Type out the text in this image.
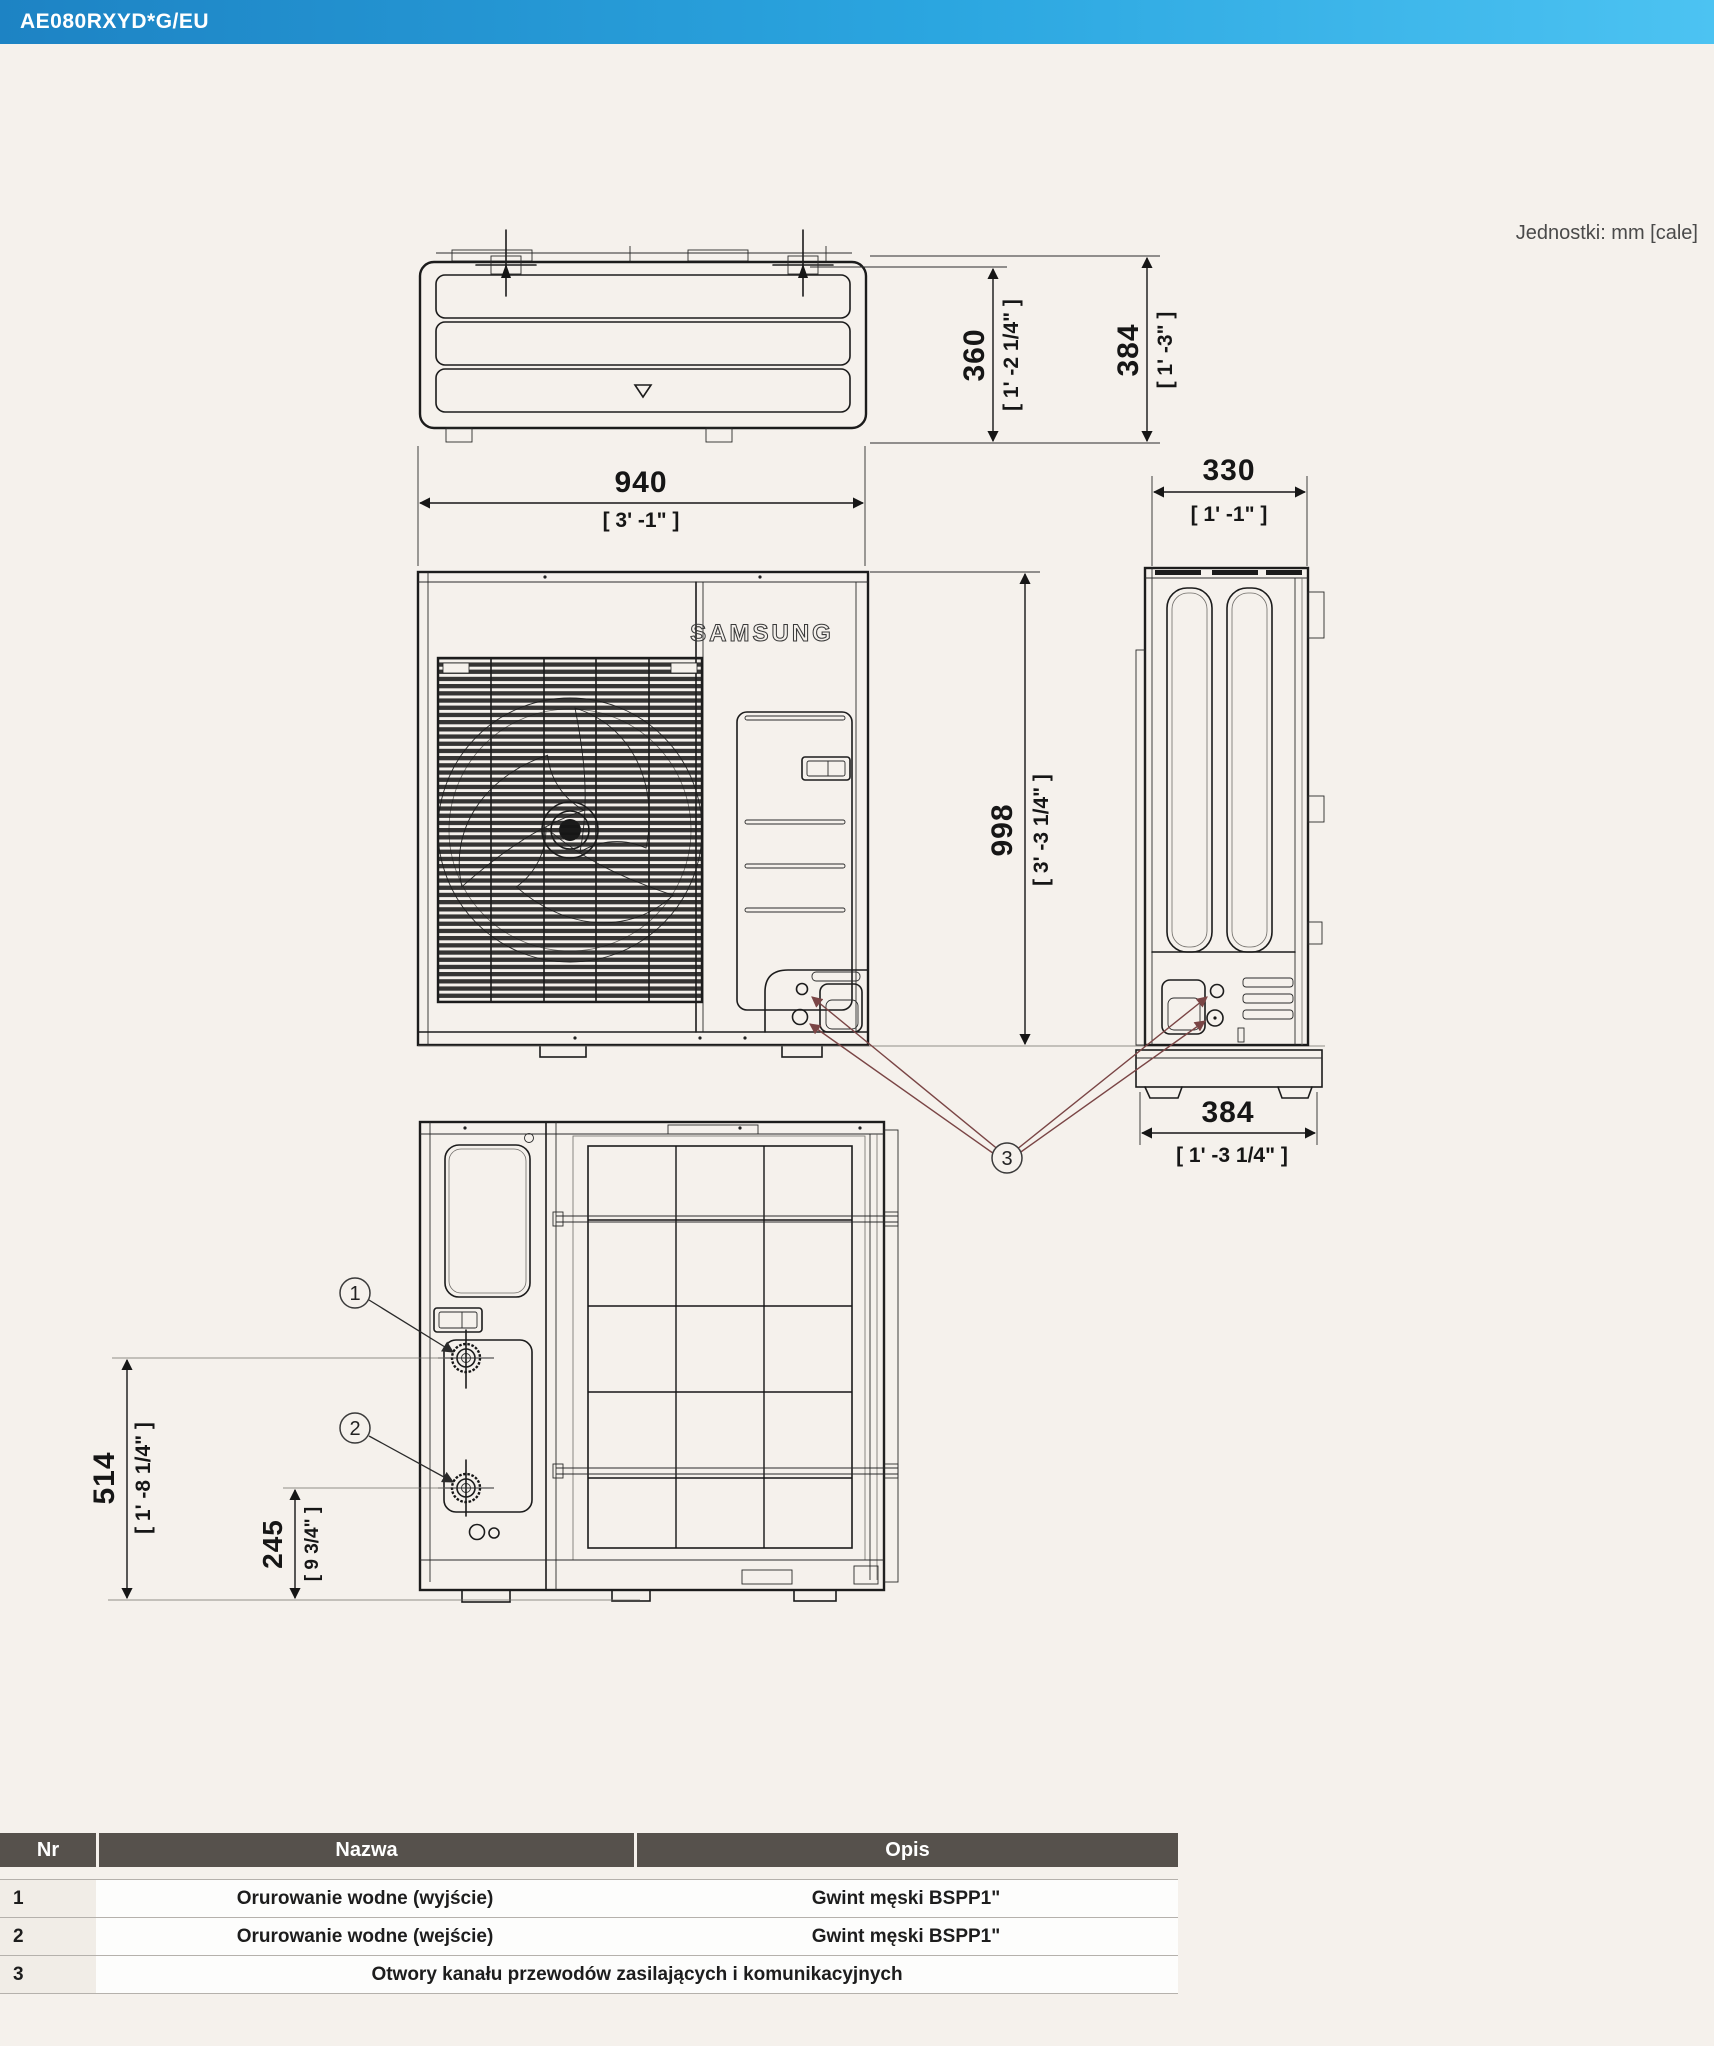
AE080RXYD*G/EU
Jednostki: mm [cale]
SAMSUNG
1
2
3
360 [ 1' -2 1/4" ]	384 [ 1' -3" ]
940
[ 3' -1" ]
998 [ 3' -3 1/4" ]
330
[ 1' -1" ]
384
[ 1' -3 1/4" ]
514 [ 1' -8 1/4" ]
245 [ 9 3/4" ]
Nr	Nazwa	Opis
1	Orurowanie wodne (wyjście)	Gwint męski BSPP1"
2	Orurowanie wodne (wejście)	Gwint męski BSPP1"
3	Otwory kanału przewodów zasilających i komunikacyjnych
